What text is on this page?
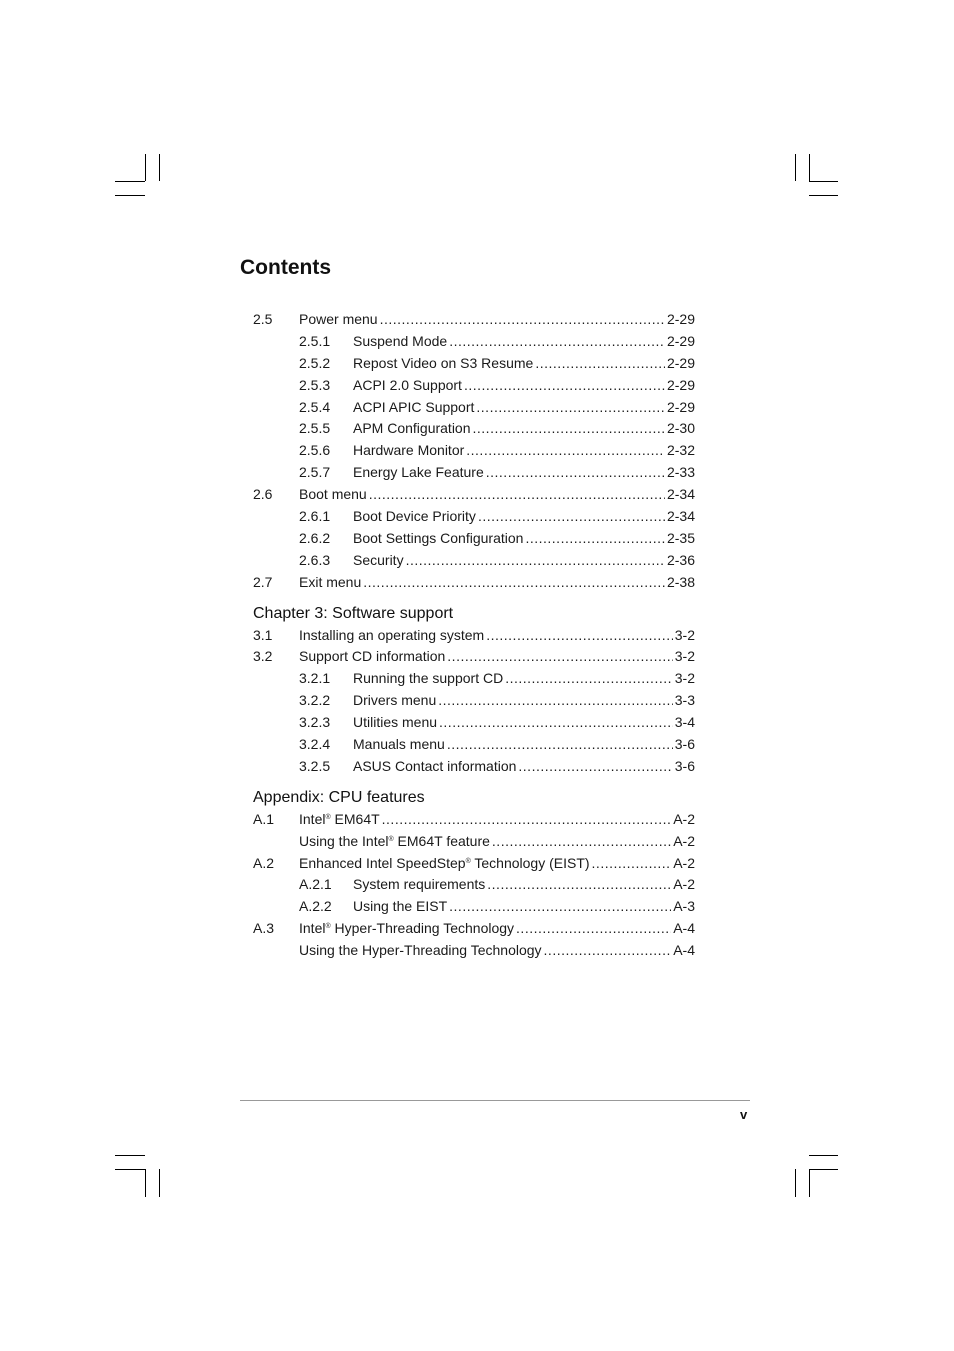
Contents
2.5	Power menu .....	2-29
2.5.1	Suspend Mode .....	2-29
2.5.2	Repost Video on S3 Resume .....	2-29
2.5.3	ACPI 2.0 Support .....	2-29
2.5.4	ACPI APIC Support .....	2-29
2.5.5	APM Configuration .....	2-30
2.5.6	Hardware Monitor .....	2-32
2.5.7	Energy Lake Feature .....	2-33
2.6	Boot menu .....	2-34
2.6.1	Boot Device Priority .....	2-34
2.6.2	Boot Settings Configuration .....	2-35
2.6.3	Security .....	2-36
2.7	Exit menu .....	2-38
Chapter 3: Software support
3.1	Installing an operating system .....	3-2
3.2	Support CD information .....	3-2
3.2.1	Running the support CD .....	3-2
3.2.2	Drivers menu .....	3-3
3.2.3	Utilities menu .....	3-4
3.2.4	Manuals menu .....	3-6
3.2.5	ASUS Contact information .....	3-6
Appendix: CPU features
A.1	Intel® EM64T .....	A-2
Using the Intel® EM64T feature .....	A-2
A.2	Enhanced Intel SpeedStep® Technology (EIST) .....	A-2
A.2.1	System requirements .....	A-2
A.2.2	Using the EIST .....	A-3
A.3	Intel® Hyper-Threading Technology .....	A-4
Using the Hyper-Threading Technology .....	A-4
v
